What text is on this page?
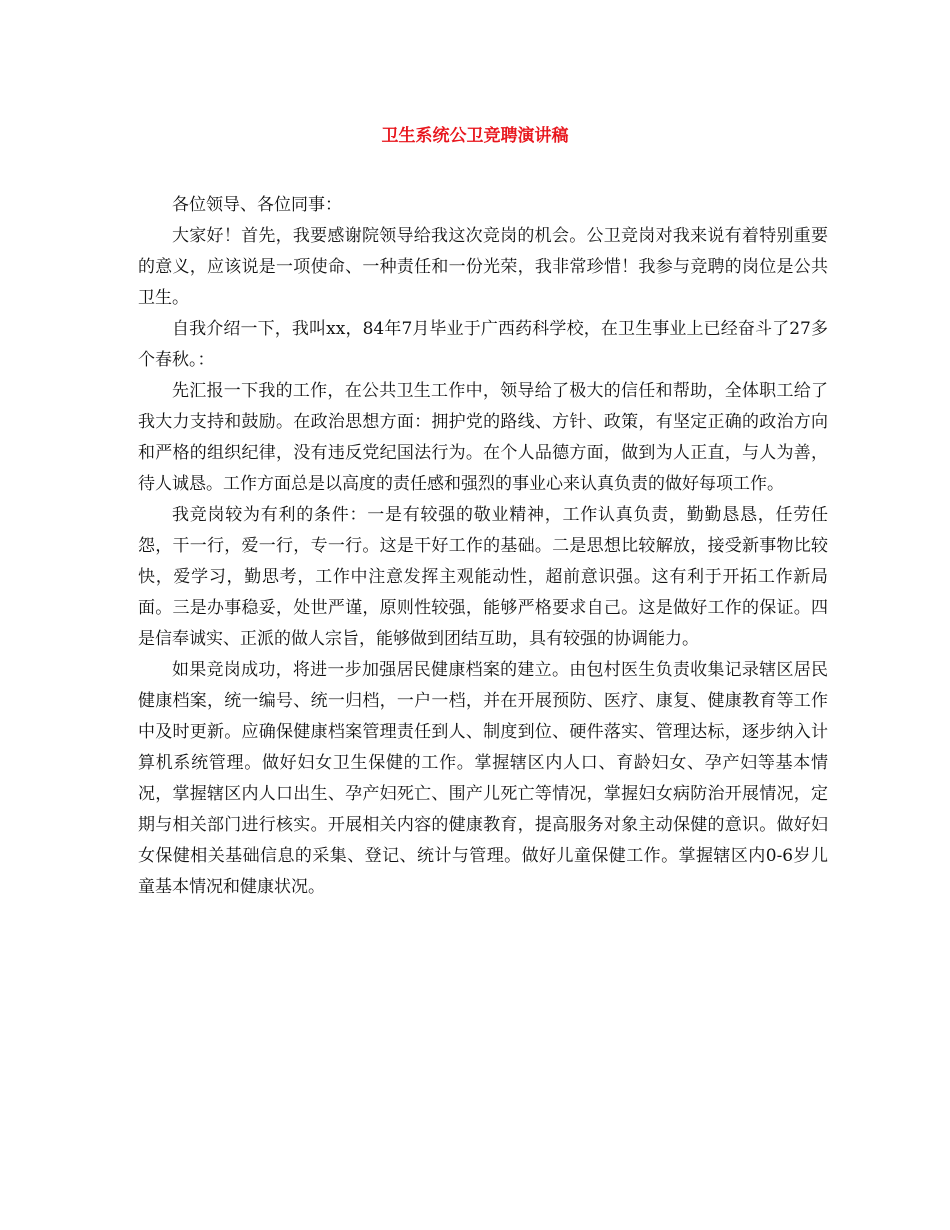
卫生系统公卫竞聘演讲稿

各位领导、各位同事：

大家好！首先，我要感谢院领导给我这次竞岗的机会。公卫竞岗对我来说有着特别重要的意义，应该说是一项使命、一种责任和一份光荣，我非常珍惜！我参与竞聘的岗位是公共卫生。

自我介绍一下，我叫xx，84年7月毕业于广西药科学校，在卫生事业上已经奋斗了27多个春秋。：

先汇报一下我的工作，在公共卫生工作中，领导给了极大的信任和帮助，全体职工给了我大力支持和鼓励。在政治思想方面：拥护党的路线、方针、政策，有坚定正确的政治方向和严格的组织纪律，没有违反党纪国法行为。在个人品德方面，做到为人正直，与人为善，待人诚恳。工作方面总是以高度的责任感和强烈的事业心来认真负责的做好每项工作。

我竞岗较为有利的条件：一是有较强的敬业精神，工作认真负责，勤勤恳恳，任劳任怨，干一行，爱一行，专一行。这是干好工作的基础。二是思想比较解放，接受新事物比较快，爱学习，勤思考，工作中注意发挥主观能动性，超前意识强。这有利于开拓工作新局面。三是办事稳妥，处世严谨，原则性较强，能够严格要求自己。这是做好工作的保证。四是信奉诚实、正派的做人宗旨，能够做到团结互助，具有较强的协调能力。

如果竞岗成功，将进一步加强居民健康档案的建立。由包村医生负责收集记录辖区居民健康档案，统一编号、统一归档，一户一档，并在开展预防、医疗、康复、健康教育等工作中及时更新。应确保健康档案管理责任到人、制度到位、硬件落实、管理达标，逐步纳入计算机系统管理。做好妇女卫生保健的工作。掌握辖区内人口、育龄妇女、孕产妇等基本情况，掌握辖区内人口出生、孕产妇死亡、围产儿死亡等情况，掌握妇女病防治开展情况，定期与相关部门进行核实。开展相关内容的健康教育，提高服务对象主动保健的意识。做好妇女保健相关基础信息的采集、登记、统计与管理。做好儿童保健工作。掌握辖区内0-6岁儿童基本情况和健康状况。
